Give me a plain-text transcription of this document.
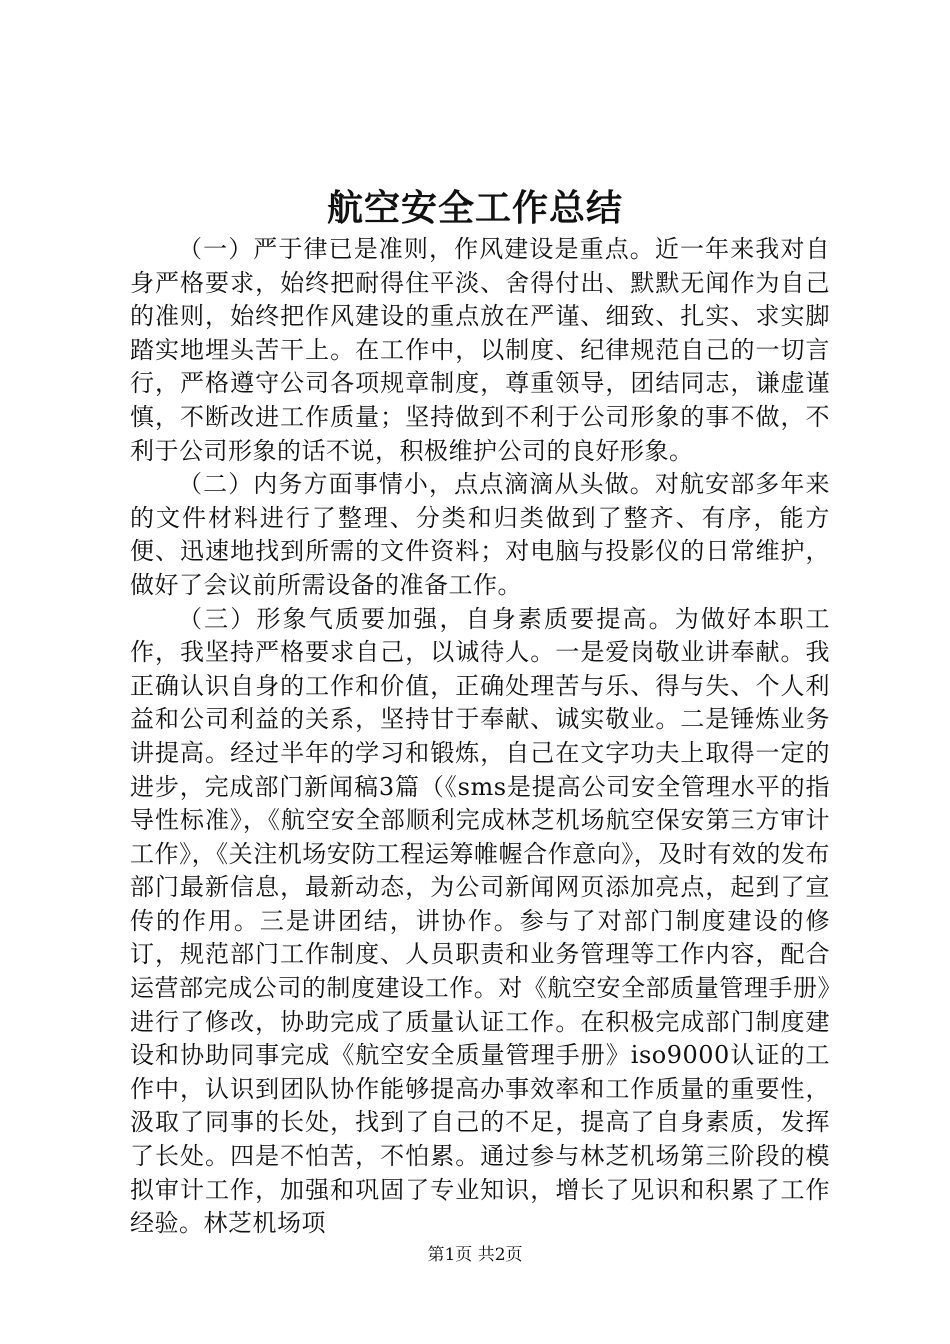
航空安全工作总结

（一）严于律已是准则，作风建设是重点。近一年来我对自身严格要求，始终把耐得住平淡、舍得付出、默默无闻作为自己的准则，始终把作风建设的重点放在严谨、细致、扎实、求实脚踏实地埋头苦干上。在工作中，以制度、纪律规范自己的一切言行，严格遵守公司各项规章制度，尊重领导，团结同志，谦虚谨慎，不断改进工作质量；坚持做到不利于公司形象的事不做，不利于公司形象的话不说，积极维护公司的良好形象。

（二）内务方面事情小，点点滴滴从头做。对航安部多年来的文件材料进行了整理、分类和归类做到了整齐、有序，能方便、迅速地找到所需的文件资料；对电脑与投影仪的日常维护，做好了会议前所需设备的准备工作。

（三）形象气质要加强，自身素质要提高。为做好本职工作，我坚持严格要求自己，以诚待人。一是爱岗敬业讲奉献。我正确认识自身的工作和价值，正确处理苦与乐、得与失、个人利益和公司利益的关系，坚持甘于奉献、诚实敬业。二是锤炼业务讲提高。经过半年的学习和锻炼，自己在文字功夫上取得一定的进步，完成部门新闻稿3篇（《sms是提高公司安全管理水平的指导性标准》，《航空安全部顺利完成林芝机场航空保安第三方审计工作》，《关注机场安防工程运筹帷幄合作意向》，及时有效的发布部门最新信息，最新动态，为公司新闻网页添加亮点，起到了宣传的作用。三是讲团结，讲协作。参与了对部门制度建设的修订，规范部门工作制度、人员职责和业务管理等工作内容，配合运营部完成公司的制度建设工作。对《航空安全部质量管理手册》进行了修改，协助完成了质量认证工作。在积极完成部门制度建设和协助同事完成《航空安全质量管理手册》iso9000认证的工作中，认识到团队协作能够提高办事效率和工作质量的重要性，汲取了同事的长处，找到了自己的不足，提高了自身素质，发挥了长处。四是不怕苦，不怕累。通过参与林芝机场第三阶段的模拟审计工作，加强和巩固了专业知识，增长了见识和积累了工作经验。林芝机场项

第1页 共2页
